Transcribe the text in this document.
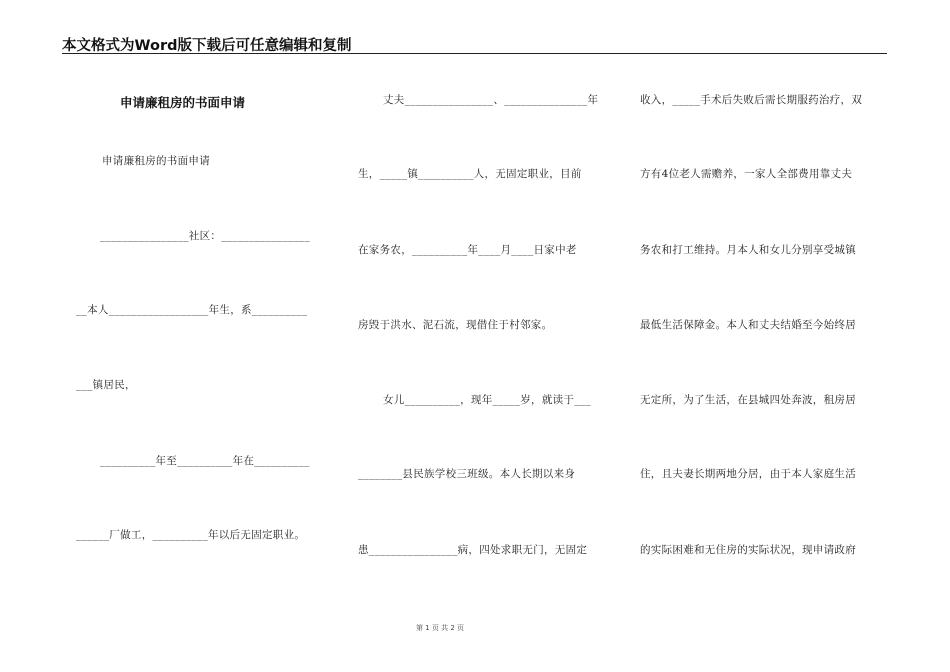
本文格式为Word版下载后可任意编辑和复制
申请廉租房的书面申请
申请廉租房的书面申请
________________社区：________________
__本人__________________年生，系__________
___镇居民，
__________年至__________年在__________
______厂做工，__________年以后无固定职业。
丈夫________________、_______________年
生，_____镇__________人，无固定职业，目前
在家务农，__________年____月____日家中老
房毁于洪水、泥石流，现借住于村邻家。
女儿__________，现年_____岁，就读于___
________县民族学校三班级。本人长期以来身
患________________病，四处求职无门，无固定
收入，_____手术后失败后需长期服药治疗，双
方有4位老人需赡养，一家人全部费用靠丈夫
务农和打工维持。月本人和女儿分别享受城镇
最低生活保障金。本人和丈夫结婚至今始终居
无定所，为了生活，在县城四处奔波，租房居
住，且夫妻长期两地分居，由于本人家庭生活
的实际困难和无住房的实际状况，现申请政府
第 1 页 共 2 页
